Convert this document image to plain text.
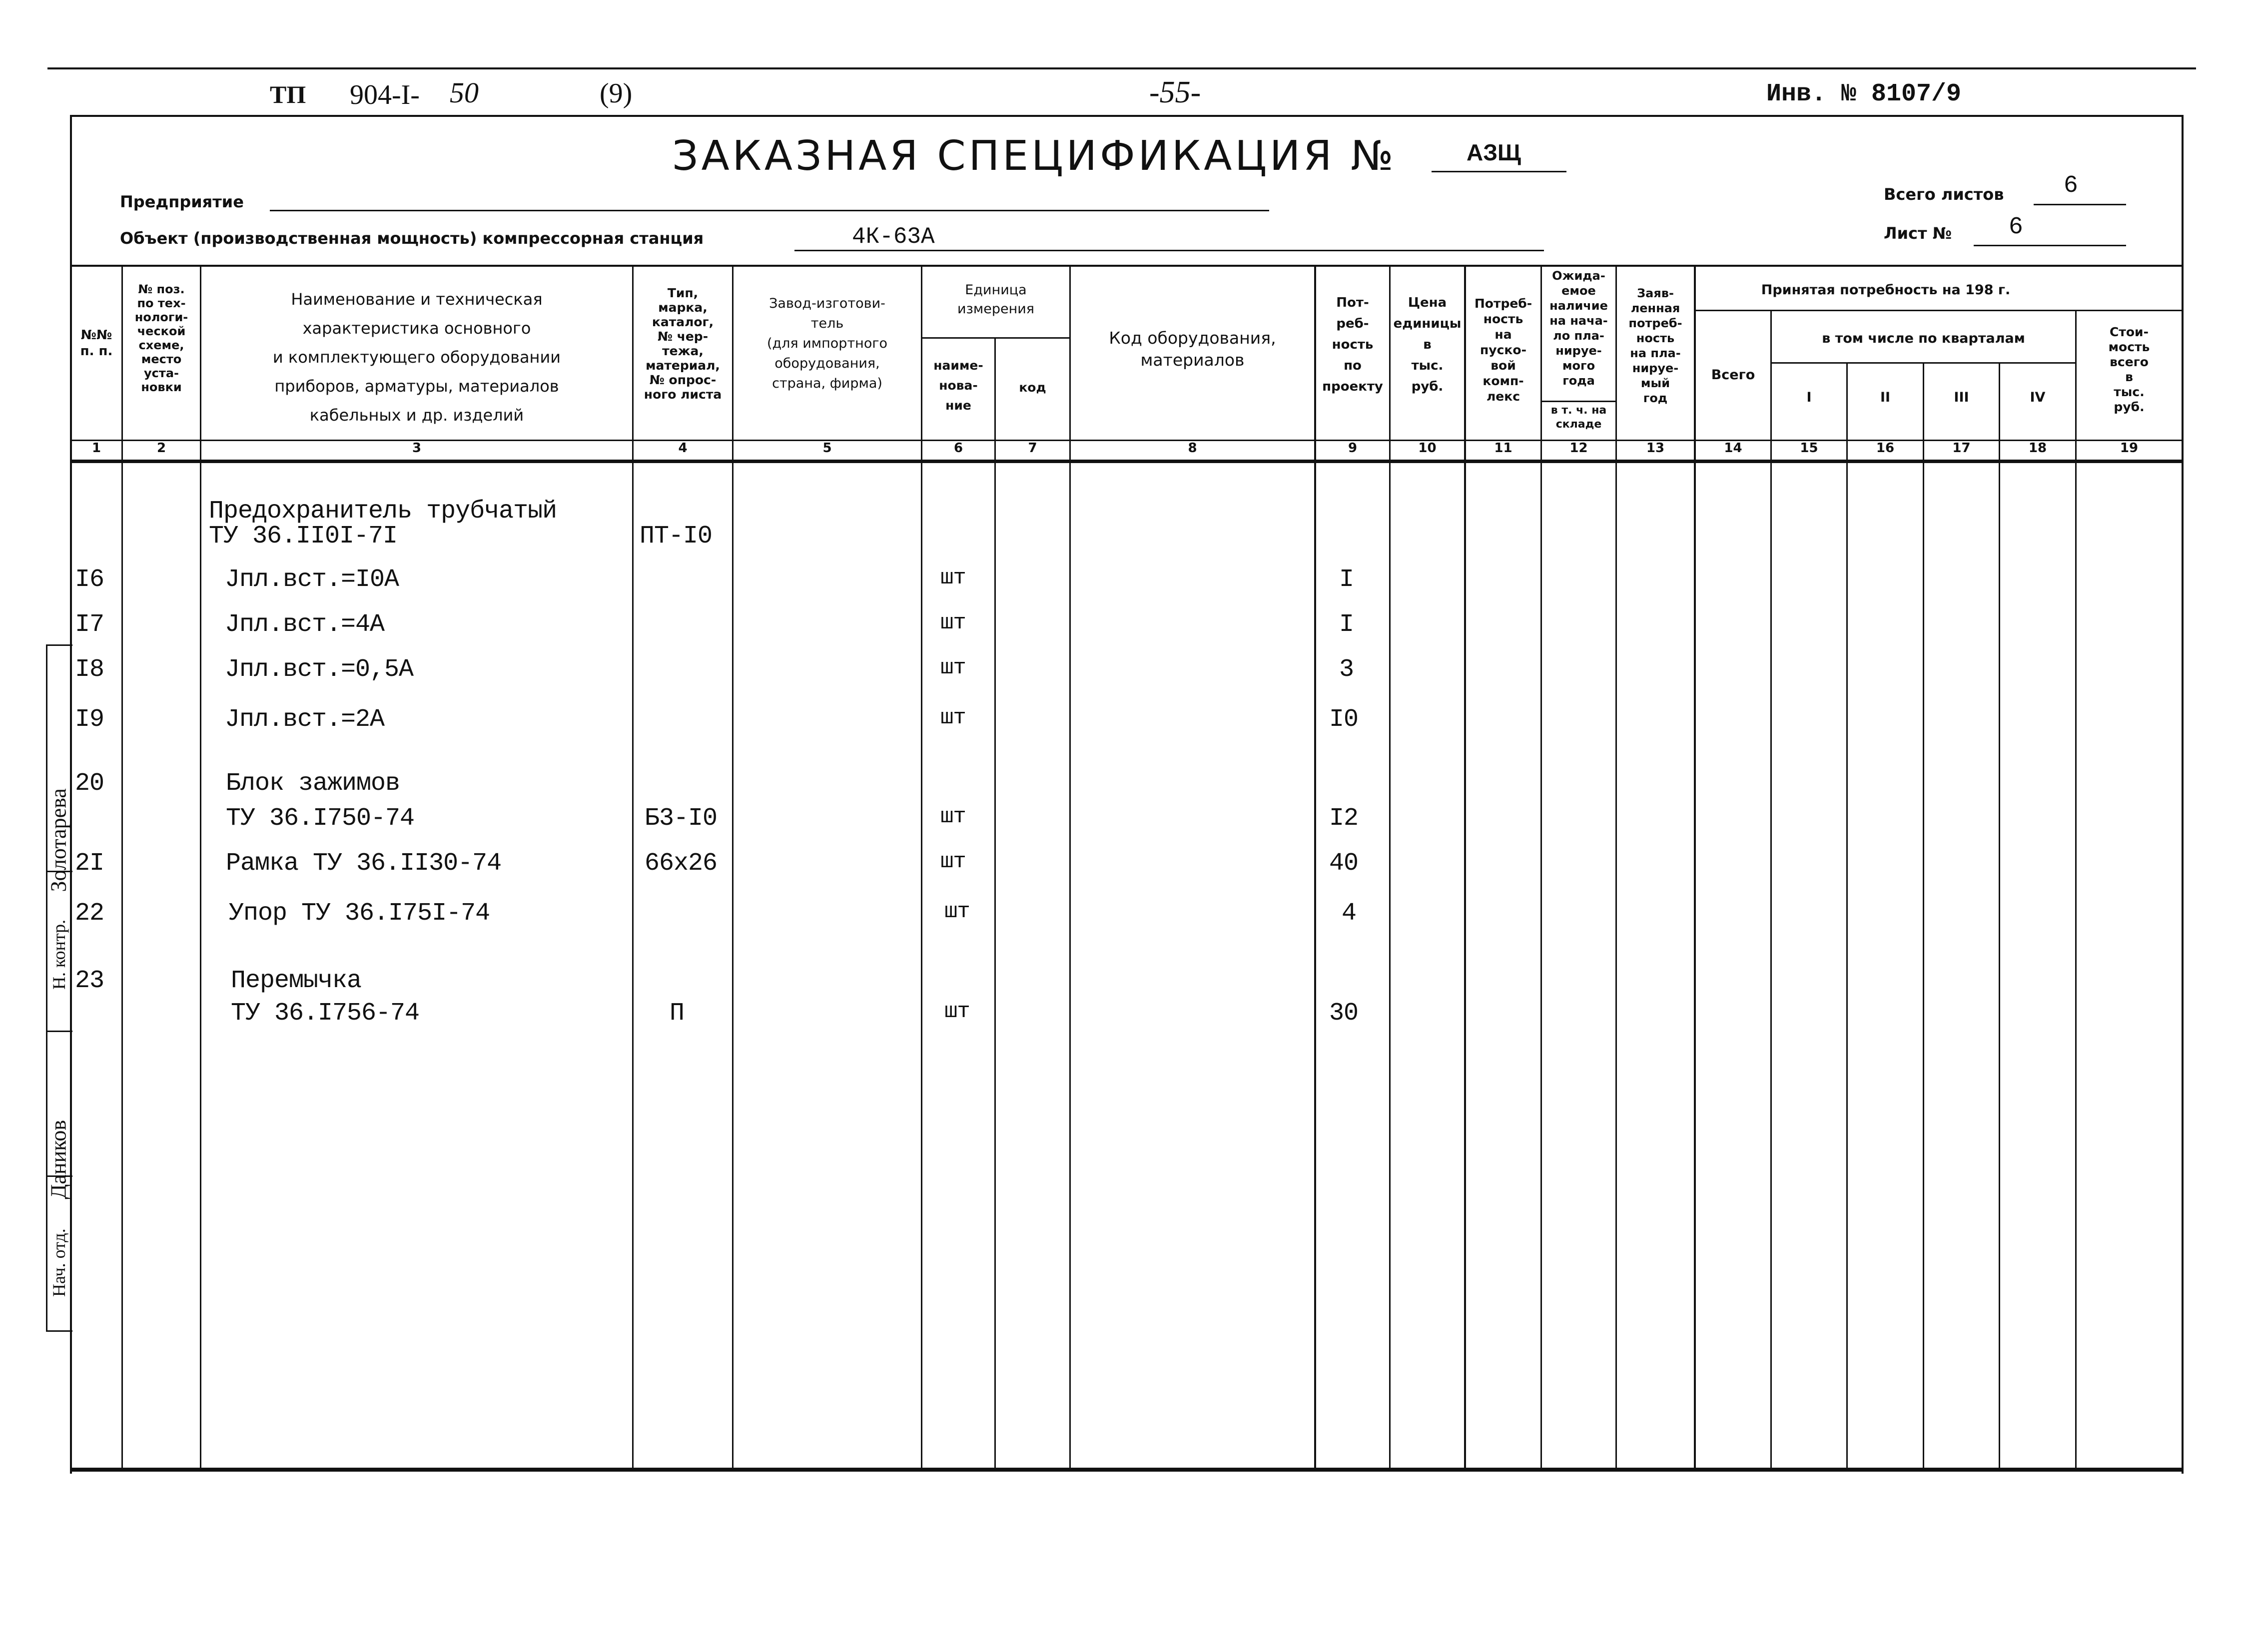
ТП 904-I- 50	(9)	-55-	Инв. № 8107/9
ЗАКАЗНАЯ СПЕЦИФИКАЦИЯ №	АЗЩ
Предприятие
Объект (производственная мощность) компрессорная станция	4К-63А
Всего листов 6
Лист № 6
№№
п. п.
№ поз.
по тех-
нологи-
ческой
схеме,
место
уста-
новки
Наименование и техническая
характеристика основного
и комплектующего оборудовании
приборов, арматуры, материалов
кабельных и др. изделий
Тип,
марка,
каталог,
№ чер-
тежа,
материал,
№ опрос-
ного листа
Завод-изготови-
тель
(для импортного
оборудования,
страна, фирма)
Единица
измерения
наиме-
нова-
ние
код
Код оборудования,
материалов
Пот-
реб-
ность
по
проекту
Цена
единицы
в
тыс.
руб.
Потреб-
ность
на
пуско-
вой
комп-
лекс
Ожида-
емое
наличие
на нача-
ло пла-
нируе-
мого
года
в т. ч. на
складе
Заяв-
ленная
потреб-
ность
на пла-
нируе-
мый
год
Принятая потребность на 198 г.
Всего
в том числе по кварталам
I	II	III	IV
Стои-
мость
всего
в
тыс.
руб.
1	2	3	4	5	6	7	8	9	10	11	12	13	14	15	16	17	18	19
Предохранитель трубчатый
ТУ 36.II0I-7I	ПТ-I0
I6	Jпл.вст.=I0А	шт	I
I7	Jпл.вст.=4А	шт	I
I8	Jпл.вст.=0,5А	шт	3
I9	Jпл.вст.=2А	шт	I0
20	Блок зажимов
ТУ 36.I750-74	Б3-I0	шт	I2
2I	Рамка ТУ 36.II30-74	66х26	шт	40
22	Упор ТУ 36.I75I-74	шт	4
23	Перемычка
ТУ 36.I756-74	П	шт	30
Нач. отд.
Даников
Н. контр.
Золотарева
